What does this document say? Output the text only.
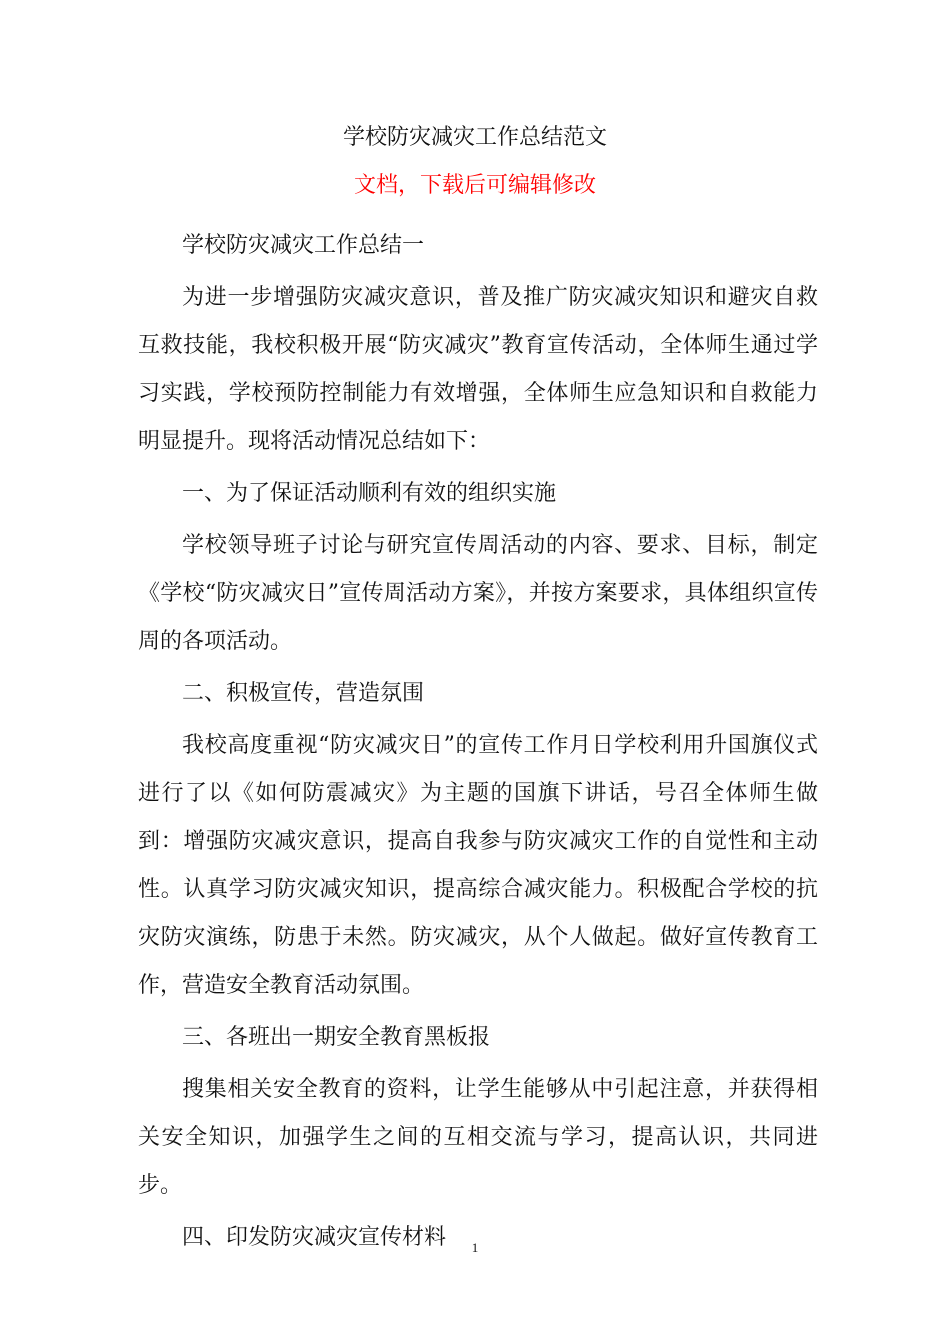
学校防灾减灾工作总结范文
文档，下载后可编辑修改

学校防灾减灾工作总结一

为进一步增强防灾减灾意识，普及推广防灾减灾知识和避灾自救互救技能，我校积极开展“防灾减灾”教育宣传活动，全体师生通过学习实践，学校预防控制能力有效增强，全体师生应急知识和自救能力明显提升。现将活动情况总结如下：

一、为了保证活动顺利有效的组织实施

学校领导班子讨论与研究宣传周活动的内容、要求、目标，制定《学校“防灾减灾日”宣传周活动方案》，并按方案要求，具体组织宣传周的各项活动。

二、积极宣传，营造氛围

我校高度重视“防灾减灾日”的宣传工作月日学校利用升国旗仪式进行了以《如何防震减灾》为主题的国旗下讲话，号召全体师生做到：增强防灾减灾意识，提高自我参与防灾减灾工作的自觉性和主动性。认真学习防灾减灾知识，提高综合减灾能力。积极配合学校的抗灾防灾演练，防患于未然。防灾减灾，从个人做起。做好宣传教育工作，营造安全教育活动氛围。

三、各班出一期安全教育黑板报

搜集相关安全教育的资料，让学生能够从中引起注意，并获得相关安全知识，加强学生之间的互相交流与学习，提高认识，共同进步。

四、印发防灾减灾宣传材料	1
